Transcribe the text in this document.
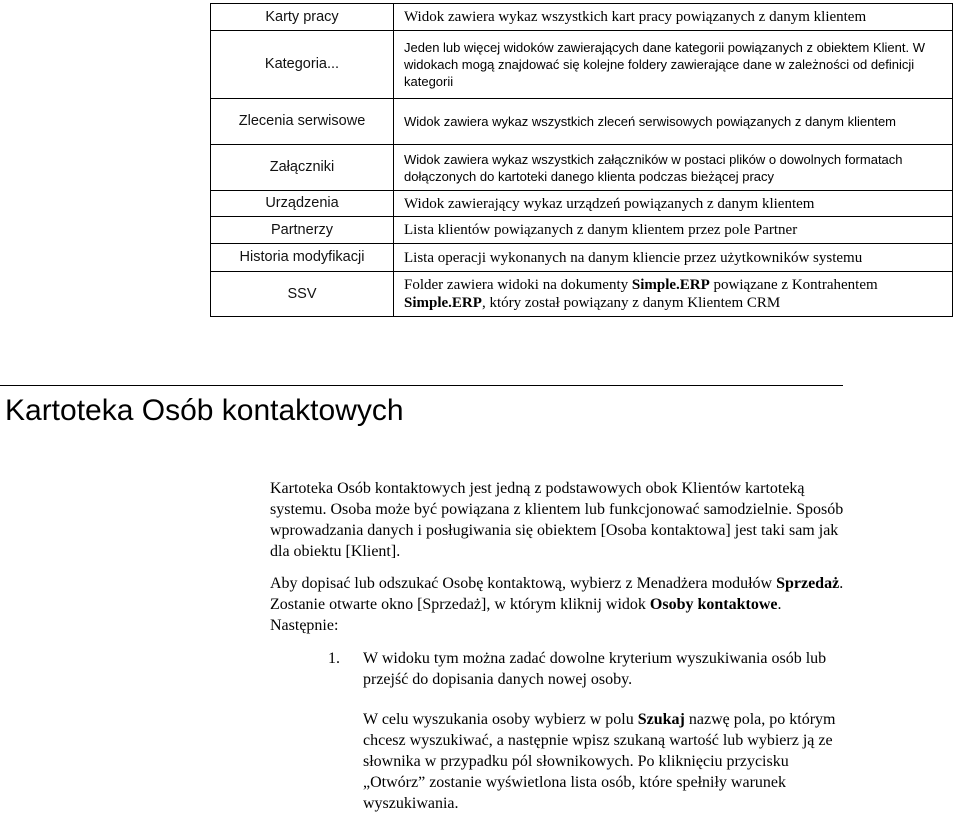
Karty pracy	Widok zawiera wykaz wszystkich kart pracy powiązanych z danym klientem
Kategoria...	Jeden lub więcej widoków zawierających dane kategorii powiązanych z obiektem Klient. W widokach mogą znajdować się kolejne foldery zawierające dane w zależności od definicji kategorii
Zlecenia serwisowe	Widok zawiera wykaz wszystkich zleceń serwisowych powiązanych z danym klientem
Załączniki	Widok zawiera wykaz wszystkich załączników w postaci plików o dowolnych formatach dołączonych do kartoteki danego klienta podczas bieżącej pracy
Urządzenia	Widok zawierający wykaz urządzeń powiązanych z danym klientem
Partnerzy	Lista klientów powiązanych z danym klientem przez pole Partner
Historia modyfikacji	Lista operacji wykonanych na danym kliencie przez użytkowników systemu
SSV	Folder zawiera widoki na dokumenty Simple.ERP powiązane z Kontrahentem Simple.ERP, który został powiązany z danym Klientem CRM
Kartoteka Osób kontaktowych

Kartoteka Osób kontaktowych jest jedną z podstawowych obok Klientów kartoteką systemu. Osoba może być powiązana z klientem lub funkcjonować samodzielnie. Sposób wprowadzania danych i posługiwania się obiektem [Osoba kontaktowa] jest taki sam jak dla obiektu [Klient].

Aby dopisać lub odszukać Osobę kontaktową, wybierz z Menadżera modułów Sprzedaż. Zostanie otwarte okno [Sprzedaż], w którym kliknij widok Osoby kontaktowe. Następnie:

1. W widoku tym można zadać dowolne kryterium wyszukiwania osób lub przejść do dopisania danych nowej osoby.
W celu wyszukania osoby wybierz w polu Szukaj nazwę pola, po którym chcesz wyszukiwać, a następnie wpisz szukaną wartość lub wybierz ją ze słownika w przypadku pól słownikowych. Po kliknięciu przycisku „Otwórz” zostanie wyświetlona lista osób, które spełniły warunek wyszukiwania.
